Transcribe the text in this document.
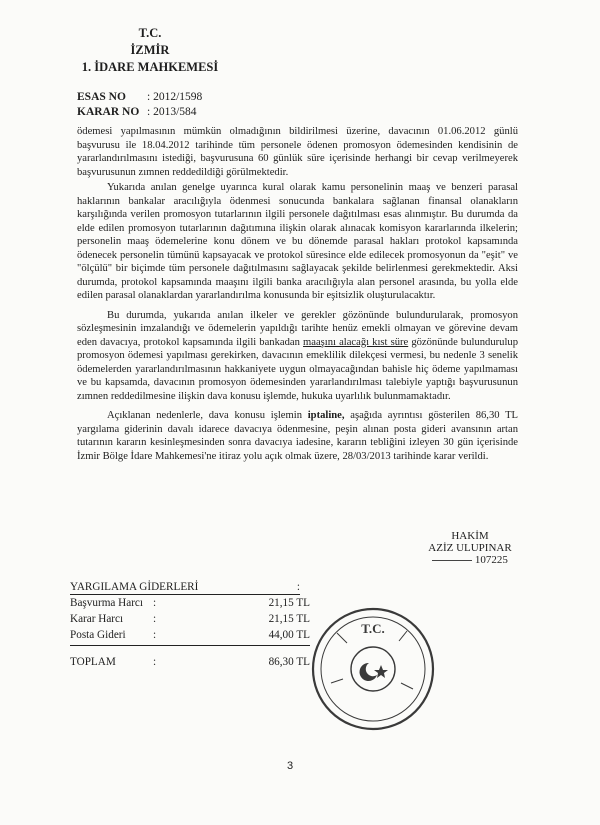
T.C.
İZMİR
1. İDARE MAHKEMESİ
ESAS NO : 2012/1598
KARAR NO : 2013/584

ödemesi yapılmasının mümkün olmadığının bildirilmesi üzerine, davacının 01.06.2012 günlü başvurusu ile 18.04.2012 tarihinde tüm personele ödenen promosyon ödemesinden kendisinin de yararlandırılmasını istediği, başvurusuna 60 günlük süre içerisinde herhangi bir cevap verilmeyerek başvurusunun zımnen reddedildiği görülmektedir.

Yukarıda anılan genelge uyarınca kural olarak kamu personelinin maaş ve benzeri parasal haklarının bankalar aracılığıyla ödenmesi sonucunda bankalara sağlanan finansal olanakların karşılığında verilen promosyon tutarlarının ilgili personele dağıtılması esas alınmıştır. Bu durumda da elde edilen promosyon tutarlarının dağıtımına ilişkin olarak alınacak komisyon kararlarında ilkelerin; personelin maaş ödemelerine konu dönem ve bu dönemde parasal hakları protokol kapsamında ödenecek personelin tümünü kapsayacak ve protokol süresince elde edilecek promosyonun da "eşit" ve "ölçülü" bir biçimde tüm personele dağıtılmasını sağlayacak şekilde belirlenmesi gerekmektedir. Aksi durumda, protokol kapsamında maaşını ilgili banka aracılığıyla alan personel arasında, bu yolla elde edilen parasal olanaklardan yararlandırılma konusunda bir eşitsizlik oluşturulacaktır.

Bu durumda, yukarıda anılan ilkeler ve gerekler gözönünde bulundurularak, promosyon sözleşmesinin imzalandığı ve ödemelerin yapıldığı tarihte henüz emekli olmayan ve görevine devam eden davacıya, protokol kapsamında ilgili bankadan maaşını alacağı kıst süre gözönünde bulundurulup promosyon ödemesi yapılması gerekirken, davacının emeklilik dilekçesi vermesi, bu nedenle 3 senelik ödemelerden yararlandırılmasının hakkaniyete uygun olmayacağından bahisle hiç ödeme yapılmaması ve bu kapsamda, davacının promosyon ödemesinden yararlandırılması talebiyle yaptığı başvurusunun zımnen reddedilmesine ilişkin dava konusu işlemde, hukuka uyarlılık bulunmamaktadır.

Açıklanan nedenlerle, dava konusu işlemin iptaline, aşağıda ayrıntısı gösterilen 86,30 TL yargılama giderinin davalı idarece davacıya ödenmesine, peşin alınan posta gideri avansının artan tutarının kararın kesinleşmesinden sonra davacıya iadesine, kararın tebliğini izleyen 30 gün içerisinde İzmir Bölge İdare Mahkemesi'ne itiraz yolu açık olmak üzere, 28/03/2013 tarihinde karar verildi.

HAKİM
AZİZ ULUPINAR
107225
YARGILAMA GİDERLERİ	:
Başvurma Harcı :	21,15 TL
Karar Harcı	:	21,15 TL
Posta Gideri :	44,00 TL
TOPLAM	:	86,30 TL
T.C.
3
